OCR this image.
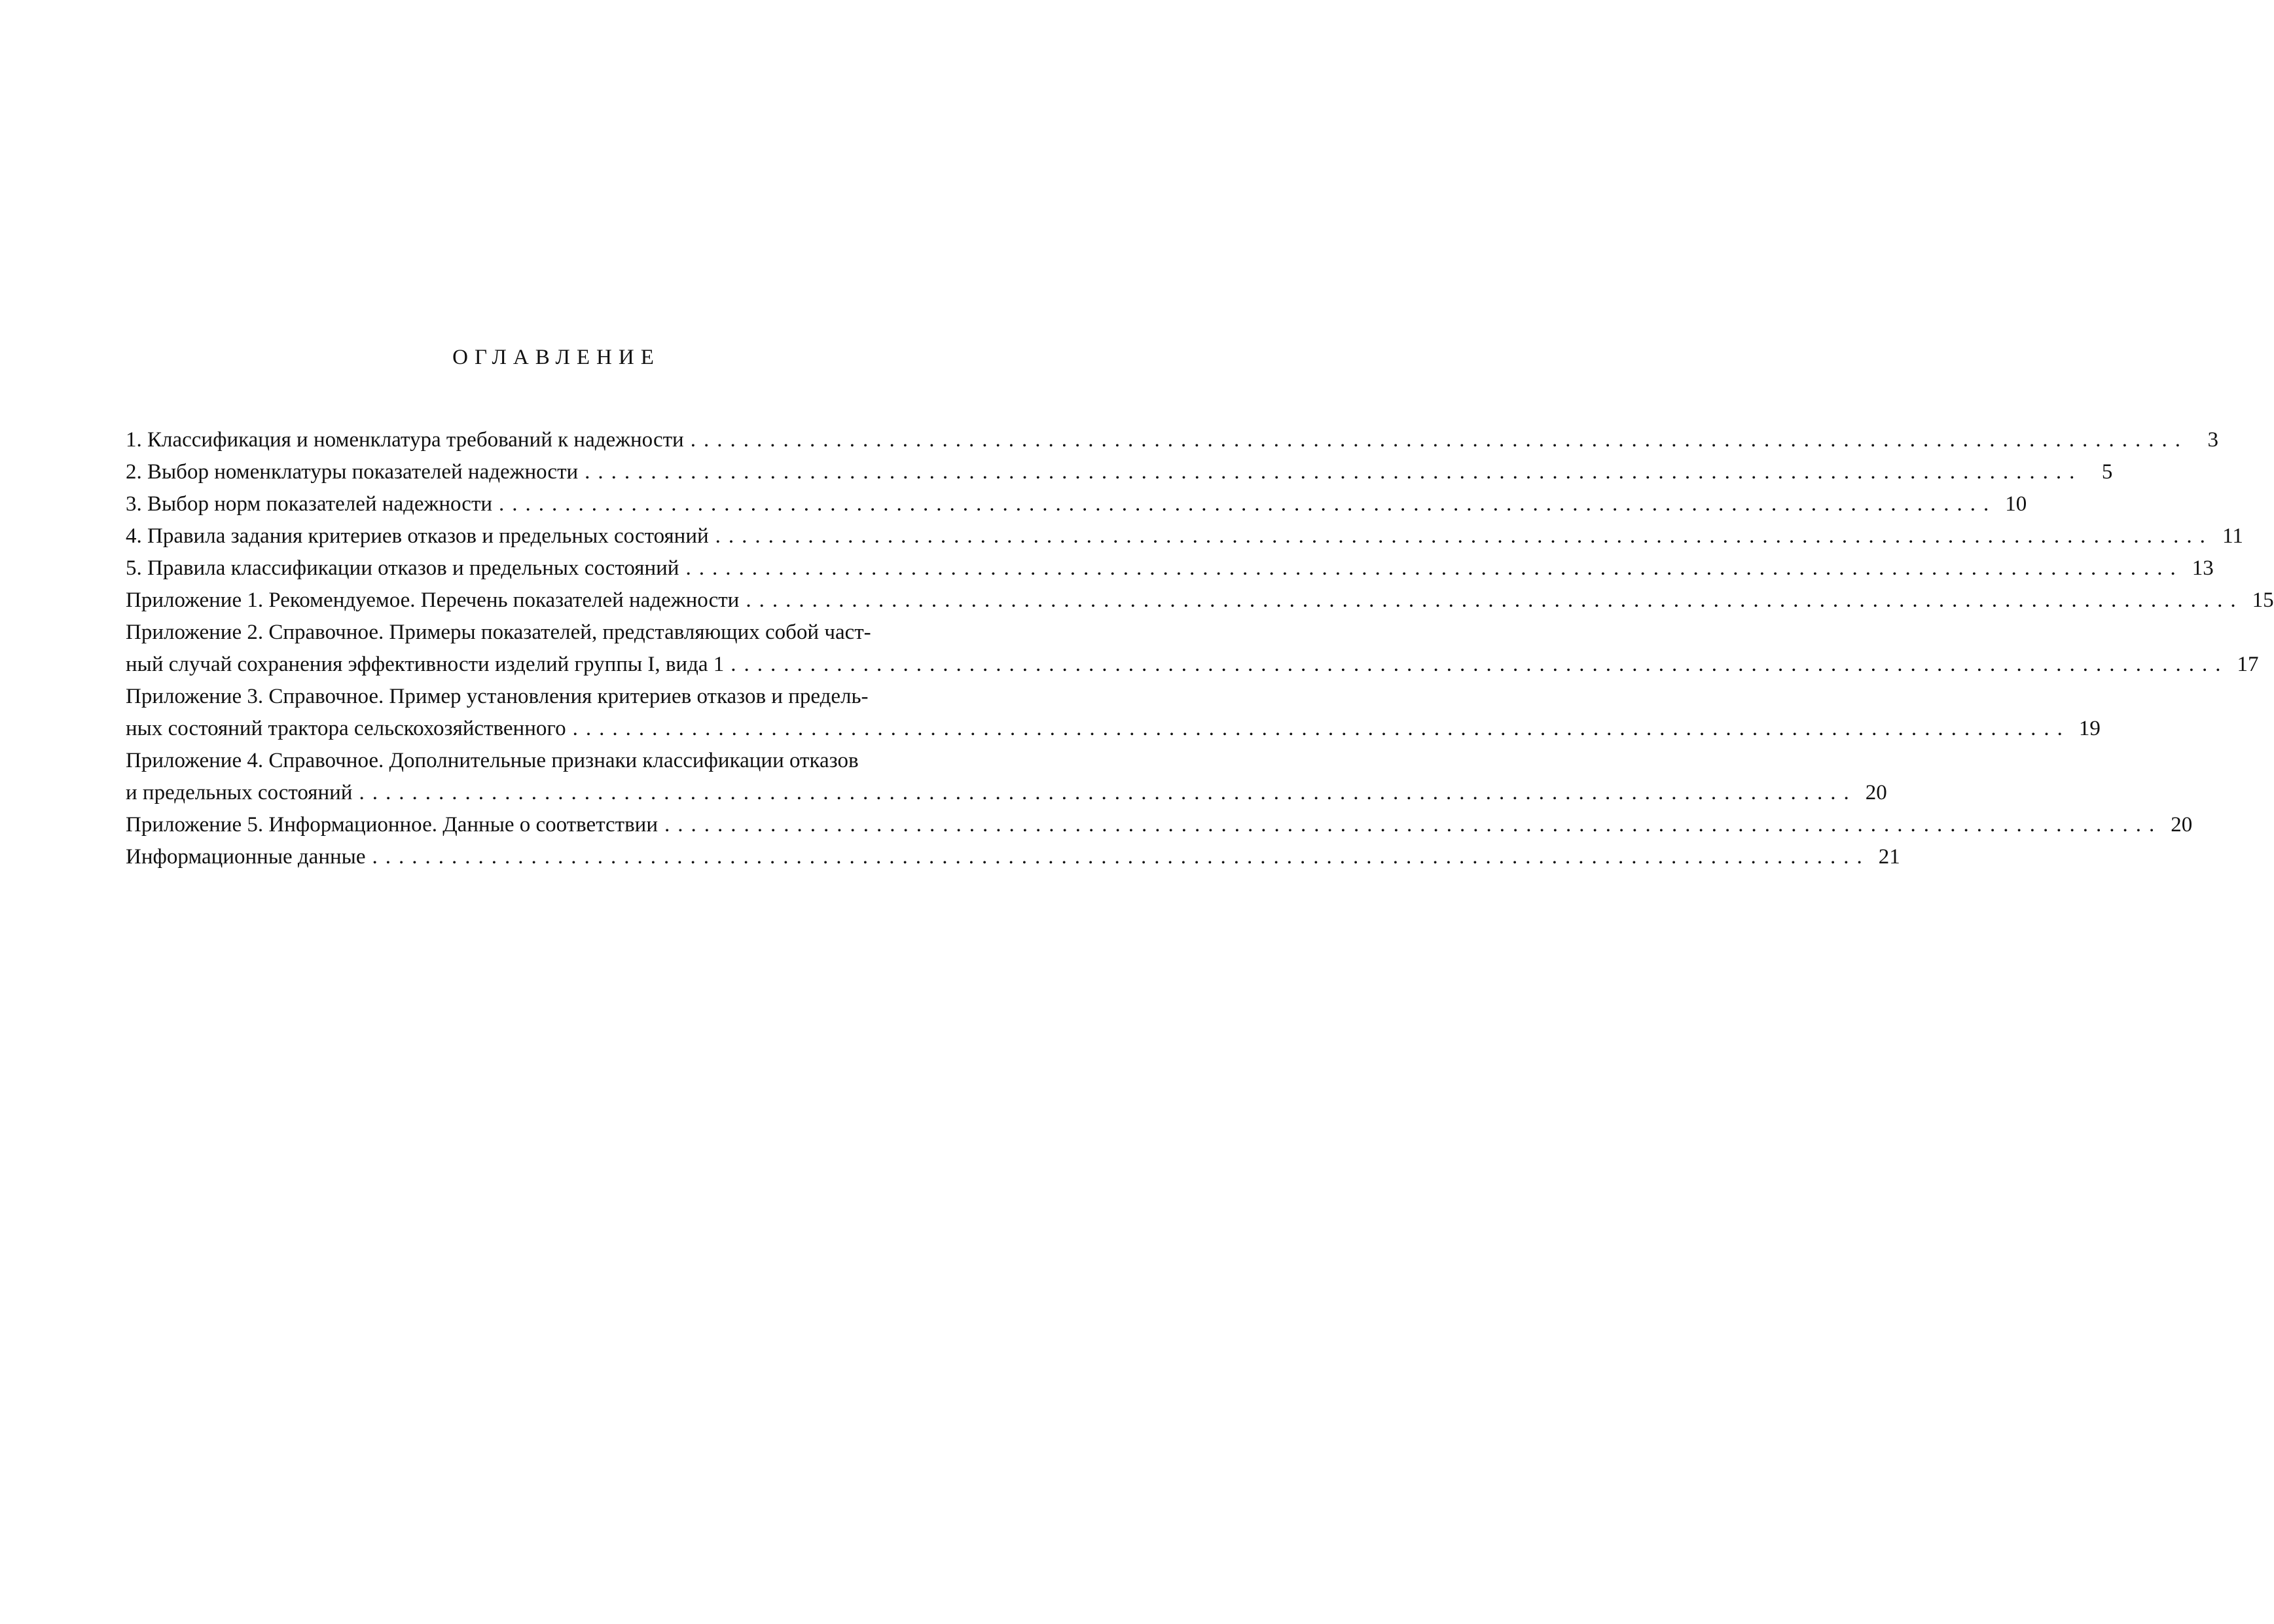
ОГЛАВЛЕНИЕ
1. Классификация и номенклатура требований к надежности ................................................................................................................. 3
2. Выбор номенклатуры показателей надежности ................................................................................................................. 5
3. Выбор норм показателей надежности ................................................................................................................. 10
4. Правила задания критериев отказов и предельных состояний ................................................................................................................. 11
5. Правила классификации отказов и предельных состояний ................................................................................................................. 13
Приложение 1. Рекомендуемое. Перечень показателей надежности ................................................................................................................. 15
Приложение 2. Справочное. Примеры показателей, представляющих собой част-
ный случай сохранения эффективности изделий группы I, вида 1 ................................................................................................................. 17
Приложение 3. Справочное. Пример установления критериев отказов и предель-
ных состояний трактора сельскохозяйственного ................................................................................................................. 19
Приложение 4. Справочное. Дополнительные признаки классификации отказов
и предельных состояний ................................................................................................................. 20
Приложение 5. Информационное. Данные о соответствии ................................................................................................................. 20
Информационные данные ................................................................................................................. 21
